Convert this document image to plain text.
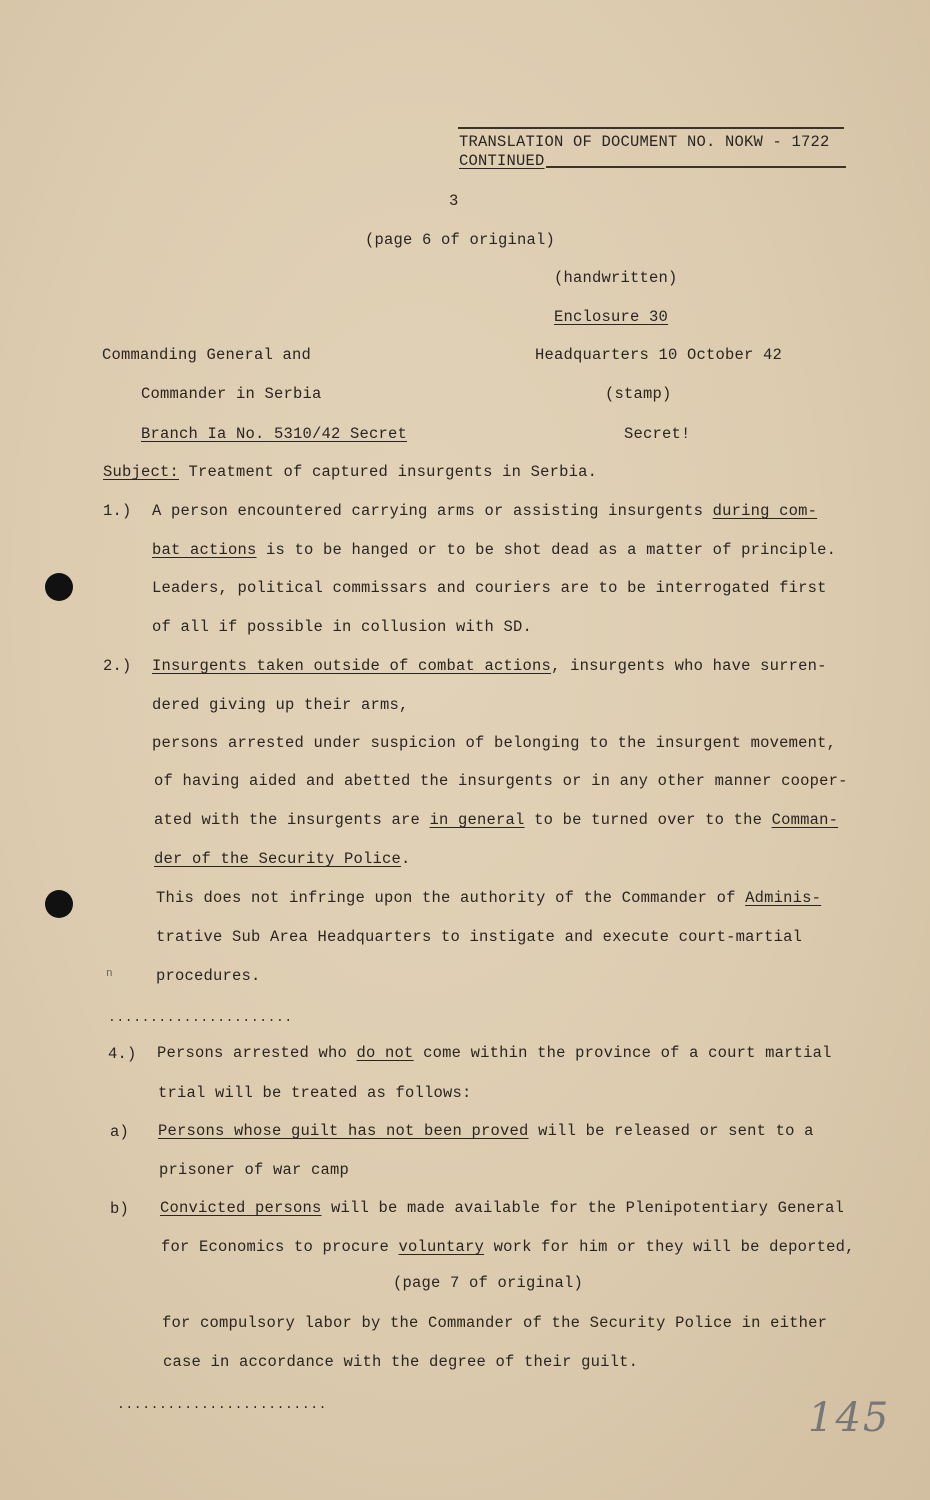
TRANSLATION OF DOCUMENT NO. NOKW - 1722
CONTINUED
3
(page 6 of original)
(handwritten)
Enclosure 30
Commanding General and
Commander in Serbia
Branch Ia No. 5310/42 Secret
Headquarters 10 October 42
(stamp)
Secret!
Subject: Treatment of captured insurgents in Serbia.
1.) A person encountered carrying arms or assisting insurgents during com-
bat actions is to be hanged or to be shot dead as a matter of principle.
Leaders, political commissars and couriers are to be interrogated first
of all if possible in collusion with SD.
2.) Insurgents taken outside of combat actions, insurgents who have surren-
dered giving up their arms,
persons arrested under suspicion of belonging to the insurgent movement,
of having aided and abetted the insurgents or in any other manner cooper-
ated with the insurgents are in general to be turned over to the Comman-
der of the Security Police.
This does not infringe upon the authority of the Commander of Adminis-
trative Sub Area Headquarters to instigate and execute court-martial
n	procedures.
......................
4.) Persons arrested who do not come within the province of a court martial
trial will be treated as follows:
a) Persons whose guilt has not been proved will be released or sent to a
prisoner of war camp
b) Convicted persons will be made available for the Plenipotentiary General
for Economics to procure voluntary work for him or they will be deported,
(page 7 of original)
for compulsory labor by the Commander of the Security Police in either
case in accordance with the degree of their guilt.
.........................	145
